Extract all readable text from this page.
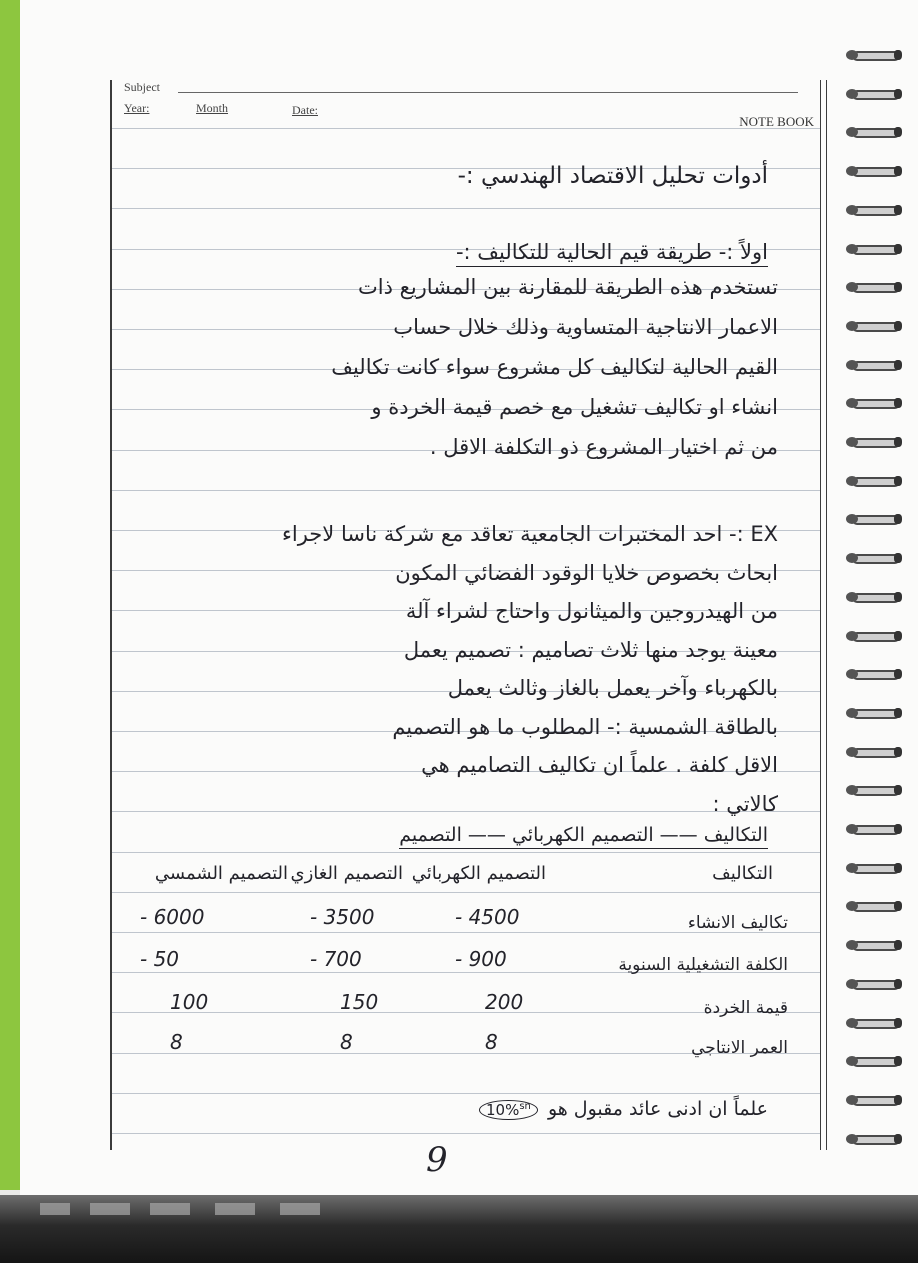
Subject
Year:	Month	Date:
NOTE BOOK
أدوات تحليل الاقتصاد الهندسي :-
اولاً :- طريقة قيم الحالية للتكاليف :-
تستخدم هذه الطريقة للمقارنة بين المشاريع ذات
الاعمار الانتاجية المتساوية وذلك خلال حساب
القيم الحالية لتكاليف كل مشروع سواء كانت تكاليف
انشاء او تكاليف تشغيل مع خصم قيمة الخردة و
من ثم اختيار المشروع ذو التكلفة الاقل .
EX :- احد المختبرات الجامعية تعاقد مع شركة ناسا لاجراء
ابحاث بخصوص خلايا الوقود الفضائي المكون
من الهيدروجين والميثانول واحتاج لشراء آلة
معينة يوجد منها ثلاث تصاميم : تصميم يعمل
بالكهرباء وآخر يعمل بالغاز وثالث يعمل
بالطاقة الشمسية :- المطلوب ما هو التصميم
الاقل كلفة . علماً ان تكاليف التصاميم هي
كالاتي :
التكاليف —— التصميم الكهربائي —— التصميم
التكاليف
التصميم الكهربائي
التصميم الغازي
التصميم الشمسي
تكاليف الانشاء
- 4500
- 3500
- 6000
الكلفة التشغيلية السنوية
- 900
- 700
- 50
قيمة الخردة
200
150
100
العمر الانتاجي
8
8
8
علماً ان ادنى عائد مقبول هو 10%$^{sn}$
9
